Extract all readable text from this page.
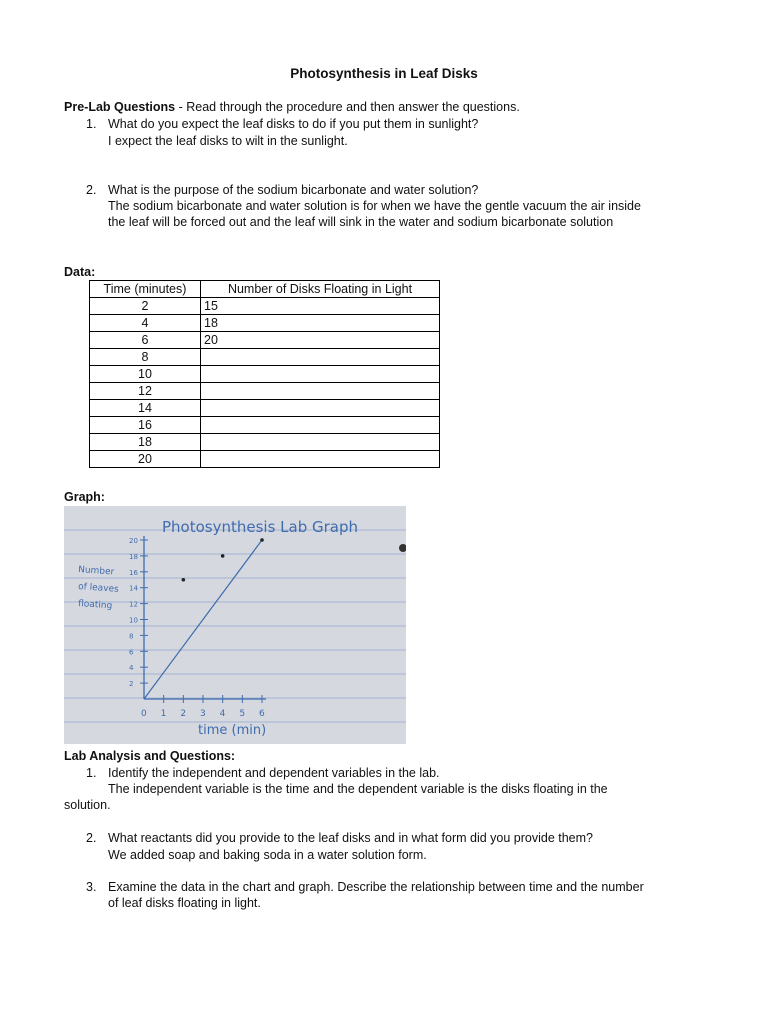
Photosynthesis in Leaf Disks
Pre-Lab Questions - Read through the procedure and then answer the questions.
1. What do you expect the leaf disks to do if you put them in sunlight?
I expect the leaf disks to wilt in the sunlight.
2. What is the purpose of the sodium bicarbonate and water solution?
The sodium bicarbonate and water solution is for when we have the gentle vacuum the air inside
the leaf will be forced out and the leaf will sink in the water and sodium bicarbonate solution
Data:
Time (minutes)	Number of Disks Floating in Light
2	15
4	18
6	20
8	
10	
12	
14	
16	
18	
20	
Graph:
Photosynthesis Lab Graph
time (min)
Number
of leaves
floating
0 1 2 3 4 5 6
2
4
6
8
10
12
14
16
18
20
Lab Analysis and Questions:
1. Identify the independent and dependent variables in the lab.
The independent variable is the time and the dependent variable is the disks floating in the
solution.
2. What reactants did you provide to the leaf disks and in what form did you provide them?
We added soap and baking soda in a water solution form.
3. Examine the data in the chart and graph. Describe the relationship between time and the number
of leaf disks floating in light.
